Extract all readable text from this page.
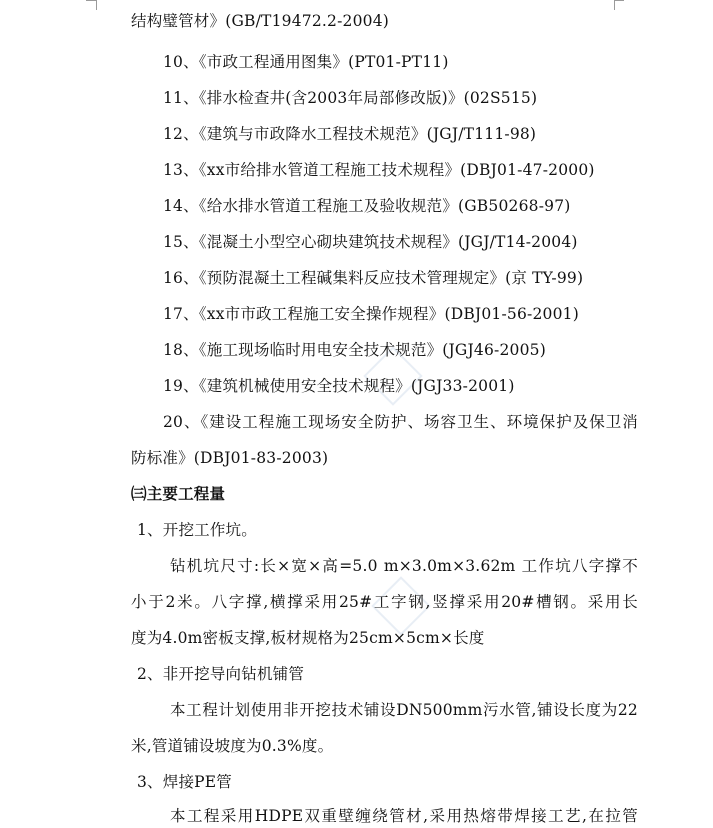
结构璧管材》(GB/T19472.2-2004)
10、《市政工程通用图集》(PT01-PT11)
11、《排水检查井(含2003年局部修改版)》(02S515)
12、《建筑与市政降水工程技术规范》(JGJ/T111-98)
13、《xx市给排水管道工程施工技术规程》(DBJ01-47-2000)
14、《给水排水管道工程施工及验收规范》(GB50268-97)
15、《混凝土小型空心砌块建筑技术规程》(JGJ/T14-2004)
16、《预防混凝土工程碱集料反应技术管理规定》(京 TY-99)
17、《xx市市政工程施工安全操作规程》(DBJ01-56-2001)
18、《施工现场临时用电安全技术规范》(JGJ46-2005)
19、《建筑机械使用安全技术规程》(JGJ33-2001)
20、《建设工程施工现场安全防护、场容卫生、环境保护及保卫消
防标准》(DBJ01-83-2003)
㈢主要工程量
1、开挖工作坑。
钻机坑尺寸:长×宽×高=5.0 m×3.0m×3.62m 工作坑八字撑不
小于2米。八字撑,横撑采用25#工字钢,竖撑采用20#槽钢。采用长
度为4.0m密板支撑,板材规格为25cm×5cm×长度
2、非开挖导向钻机铺管
本工程计划使用非开挖技术铺设DN500mm污水管,铺设长度为22
米,管道铺设坡度为0.3%度。
3、焊接PE管
本工程采用HDPE双重壁缠绕管材,采用热熔带焊接工艺,在拉管
